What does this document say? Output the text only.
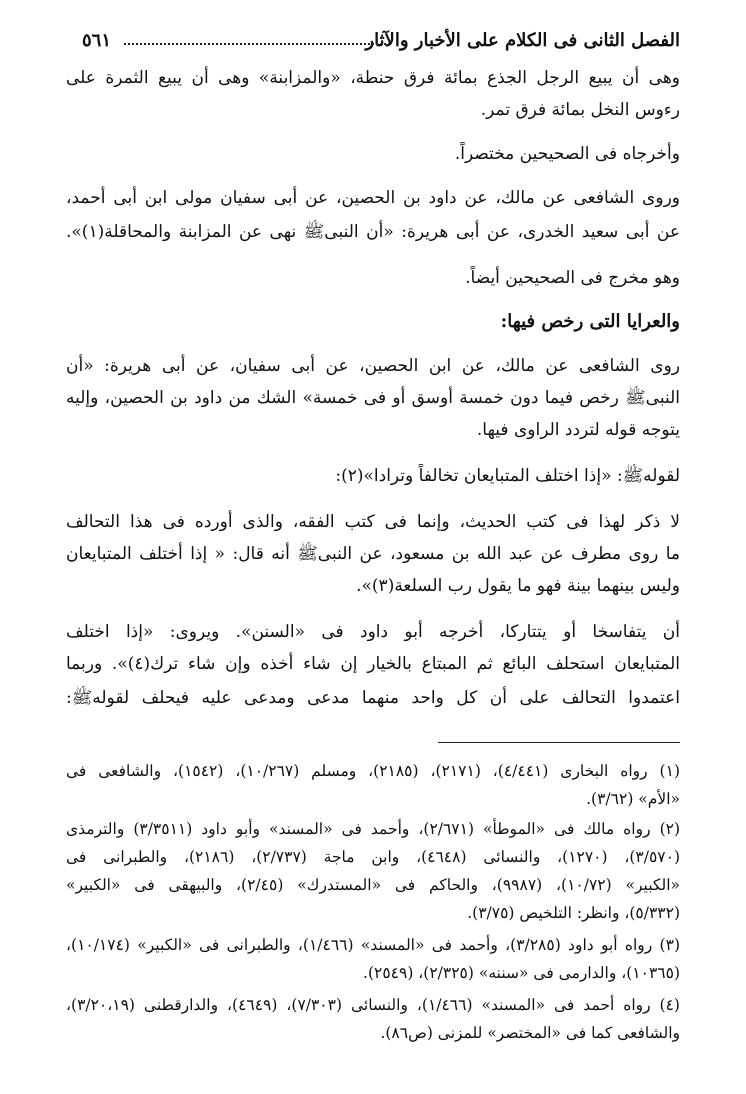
الفصل الثانى فى الكلام على الأخبار والآثار
٥٦١
وهى أن يبيع الرجل الجذع بمائة فرق حنطة، «والمزابنة» وهى أن يبيع الثمرة على
رءوس النخل بمائة فرق تمر.
وأخرجاه فى الصحيحين مختصراً.
وروى الشافعى عن مالك، عن داود بن الحصين، عن أبى سفيان مولى ابن أبى أحمد،
عن أبى سعيد الخدرى، عن أبى هريرة: «أن النبىﷺ نهى عن المزابنة والمحاقلة(١)».
وهو مخرج فى الصحيحين أيضاً.
والعرايا التى رخص فيها:
روى الشافعى عن مالك، عن ابن الحصين، عن أبى سفيان، عن أبى هريرة: «أن
النبىﷺ رخص فيما دون خمسة أوسق أو فى خمسة» الشك من داود بن الحصين، وإليه
يتوجه قوله لتردد الراوى فيها.
لقولهﷺ: «إذا اختلف المتبايعان تخالفاً وترادا»(٢):
لا ذكر لهذا فى كتب الحديث، وإنما فى كتب الفقه، والذى أورده فى هذا التحالف
ما روى مطرف عن عبد الله بن مسعود، عن النبىﷺ أنه قال: « إذا أختلف المتبايعان
وليس بينهما بينة فهو ما يقول رب السلعة(٣)».
أن يتفاسخا أو يتتاركا، أخرجه أبو داود فى «السنن». ويروى: «إذا اختلف
المتبايعان استحلف البائع ثم المبتاع بالخيار إن شاء أخذه وإن شاء ترك(٤)». وربما
اعتمدوا التحالف على أن كل واحد منهما مدعى ومدعى عليه فيحلف لقولهﷺ:
(١) رواه البخارى (٤/٤٤١)، (٢١٧١)، (٢١٨٥)، ومسلم (١٠/٢٦٧)، (١٥٤٢)، والشافعى فى
«الأم» (٣/٦٢).
(٢) رواه مالك فى «الموطأ» (٢/٦٧١)، وأحمد فى «المسند» وأبو داود (٣/٣٥١١) والترمذى
(٣/٥٧٠)، (١٢٧٠)، والنسائى (٤٦٤٨)، وابن ماجة (٢/٧٣٧)، (٢١٨٦)، والطبرانى فى
«الكبير» (١٠/٧٢)، (٩٩٨٧)، والحاكم فى «المستدرك» (٢/٤٥)، والبيهقى فى «الكبير»
(٥/٣٣٢)، وانظر: التلخيص (٣/٧٥).
(٣) رواه أبو داود (٣/٢٨٥)، وأحمد فى «المسند» (١/٤٦٦)، والطبرانى فى «الكبير» (١٠/١٧٤)،
(١٠٣٦٥)، والدارمى فى «سننه» (٢/٣٢٥)، (٢٥٤٩).
(٤) رواه أحمد فى «المسند» (١/٤٦٦)، والنسائى (٧/٣٠٣)، (٤٦٤٩)، والدارقطنى (٣/٢٠،١٩)،
والشافعى كما فى «المختصر» للمزنى (ص٨٦).
